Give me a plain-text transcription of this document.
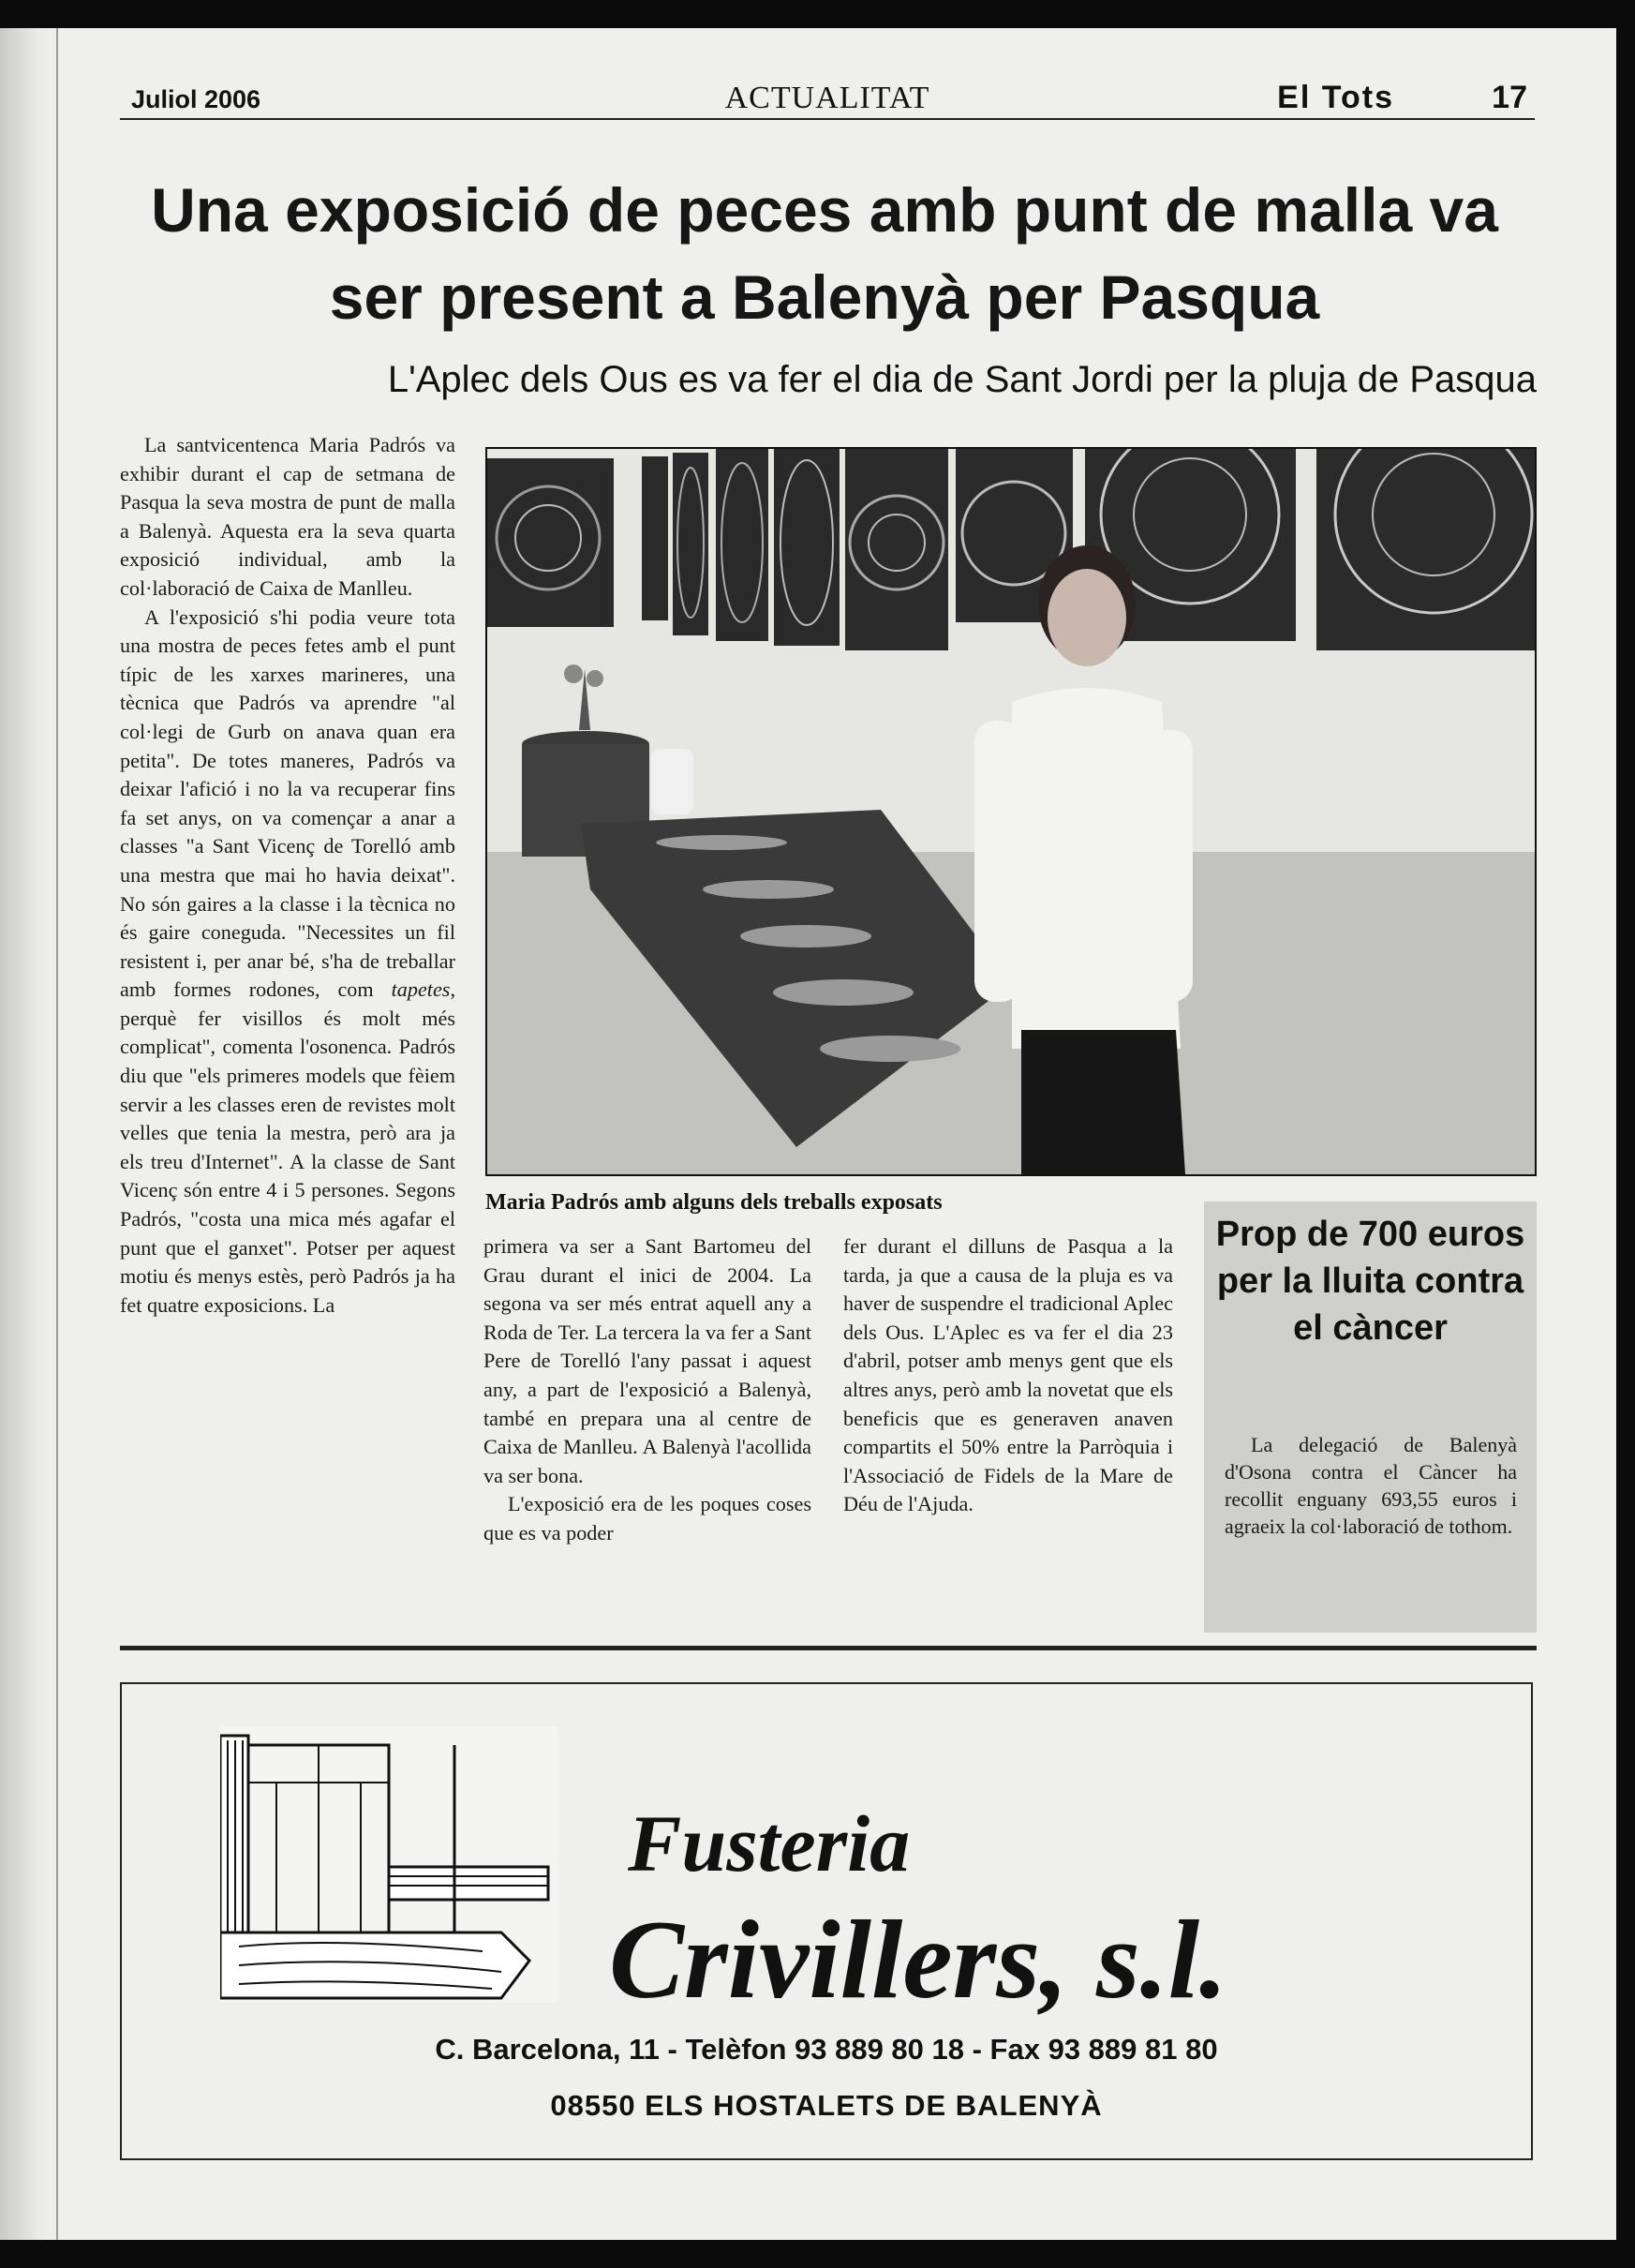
Juliol 2006	ACTUALITAT	El Tots	17
Una exposició de peces amb punt de malla va ser present a Balenyà per Pasqua
L'Aplec dels Ous es va fer el dia de Sant Jordi per la pluja de Pasqua

La santvicentenca Maria Padrós va exhibir durant el cap de setmana de Pasqua la seva mostra de punt de malla a Balenyà. Aquesta era la seva quarta exposició individual, amb la col·laboració de Caixa de Manlleu.

A l'exposició s'hi podia veure tota una mostra de peces fetes amb el punt típic de les xarxes marineres, una tècnica que Padrós va aprendre "al col·legi de Gurb on anava quan era petita". De totes maneres, Padrós va deixar l'afició i no la va recuperar fins fa set anys, on va començar a anar a classes "a Sant Vicenç de Torelló amb una mestra que mai ho havia deixat". No són gaires a la classe i la tècnica no és gaire coneguda. "Necessites un fil resistent i, per anar bé, s'ha de treballar amb formes rodones, com tapetes, perquè fer visillos és molt més complicat", comenta l'osonenca. Padrós diu que "els primeres models que fèiem servir a les classes eren de revistes molt velles que tenia la mestra, però ara ja els treu d'Internet". A la classe de Sant Vicenç són entre 4 i 5 persones. Segons Padrós, "costa una mica més agafar el punt que el ganxet". Potser per aquest motiu és menys estès, però Padrós ja ha fet quatre exposicions. La

Maria Padrós amb alguns dels treballs exposats

primera va ser a Sant Bartomeu del Grau durant el inici de 2004. La segona va ser més entrat aquell any a Roda de Ter. La tercera la va fer a Sant Pere de Torelló l'any passat i aquest any, a part de l'exposició a Balenyà, també en prepara una al centre de Caixa de Manlleu. A Balenyà l'acollida va ser bona.

L'exposició era de les poques coses que es va poder

fer durant el dilluns de Pasqua a la tarda, ja que a causa de la pluja es va haver de suspendre el tradicional Aplec dels Ous. L'Aplec es va fer el dia 23 d'abril, potser amb menys gent que els altres anys, però amb la novetat que els beneficis que es generaven anaven compartits el 50% entre la Parròquia i l'Associació de Fidels de la Mare de Déu de l'Ajuda.

Prop de 700 euros per la lluita contra el càncer
La delegació de Balenyà d'Osona contra el Càncer ha recollit enguany 693,55 euros i agraeix la col·laboració de tothom.
Fusteria
Crivillers, s.l.
C. Barcelona, 11 - Telèfon 93 889 80 18 - Fax 93 889 81 80
08550 ELS HOSTALETS DE BALENYÀ
